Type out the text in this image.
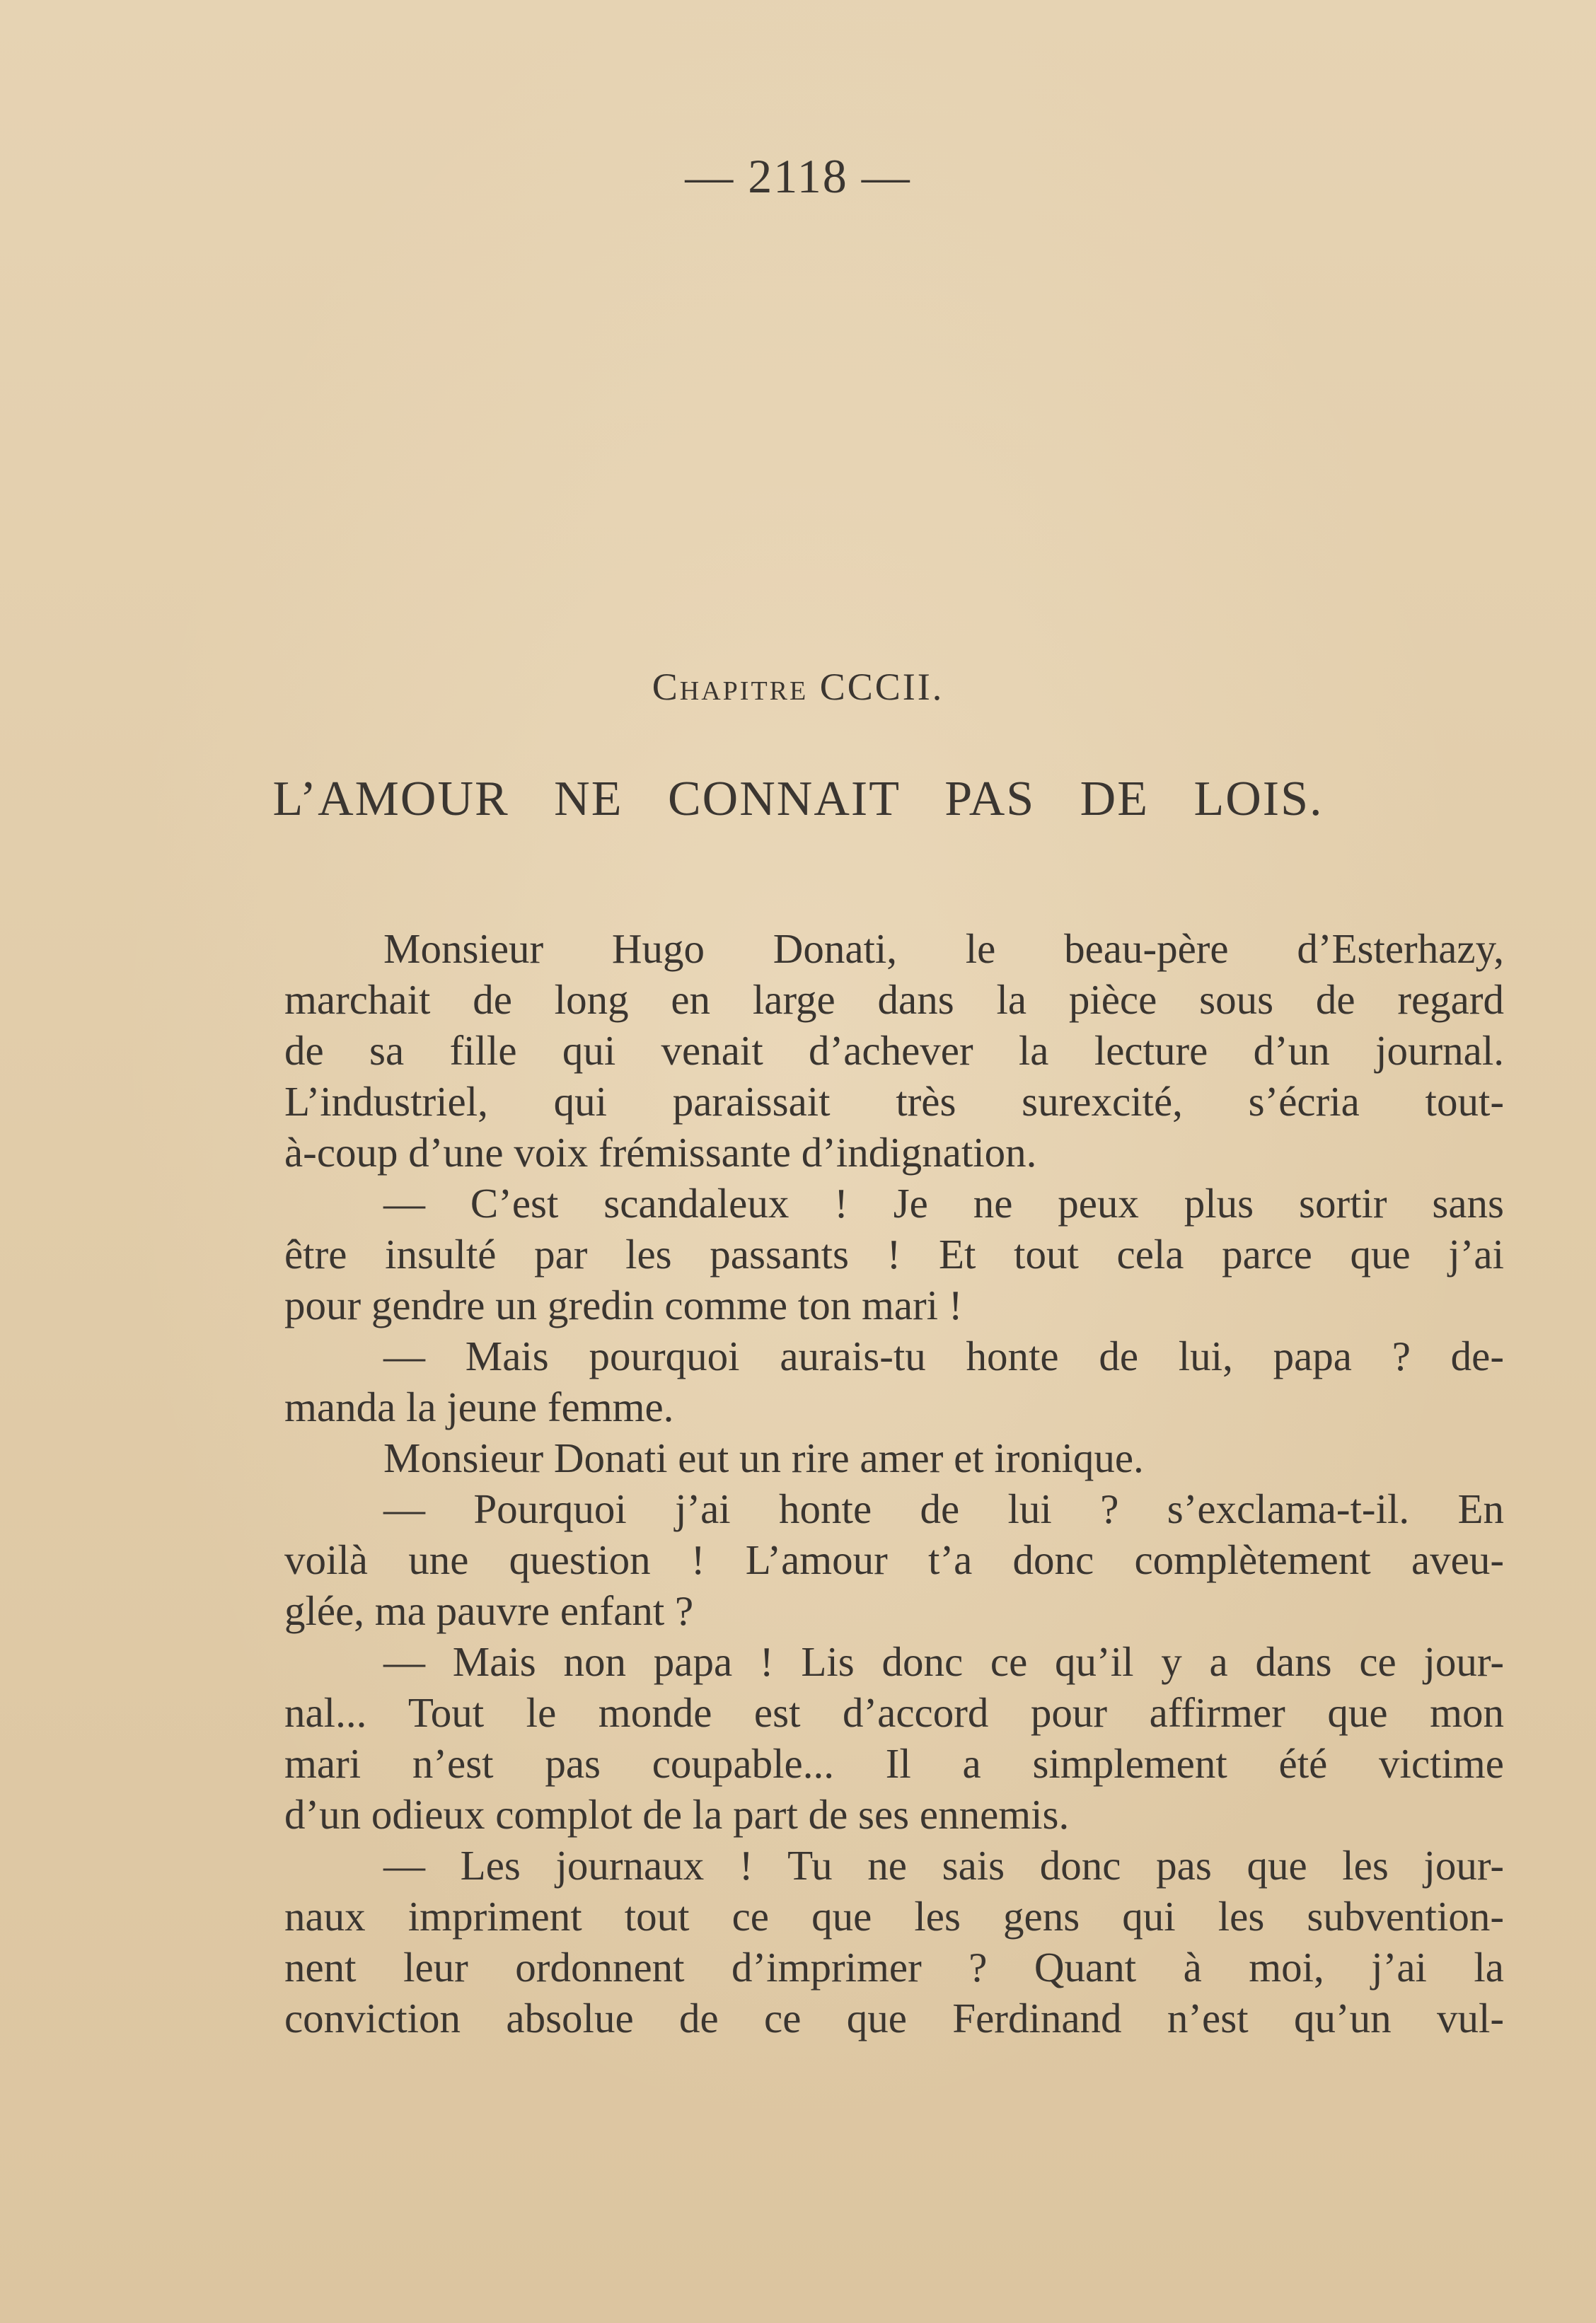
— 2118 —
Chapitre CCCII.
L’AMOUR NE CONNAIT PAS DE LOIS.
Monsieur Hugo Donati, le beau-père d’Esterhazy,
marchait de long en large dans la pièce sous de regard
de sa fille qui venait d’achever la lecture d’un journal.
L’industriel, qui paraissait très surexcité, s’écria tout-
à-coup d’une voix frémissante d’indignation.
— C’est scandaleux ! Je ne peux plus sortir sans
être insulté par les passants ! Et tout cela parce que j’ai
pour gendre un gredin comme ton mari !
— Mais pourquoi aurais-tu honte de lui, papa ? de-
manda la jeune femme.
Monsieur Donati eut un rire amer et ironique.
— Pourquoi j’ai honte de lui ? s’exclama-t-il. En
voilà une question ! L’amour t’a donc complètement aveu-
glée, ma pauvre enfant ?
— Mais non papa ! Lis donc ce qu’il y a dans ce jour-
nal... Tout le monde est d’accord pour affirmer que mon
mari n’est pas coupable... Il a simplement été victime
d’un odieux complot de la part de ses ennemis.
— Les journaux ! Tu ne sais donc pas que les jour-
naux impriment tout ce que les gens qui les subvention-
nent leur ordonnent d’imprimer ? Quant à moi, j’ai la
conviction absolue de ce que Ferdinand n’est qu’un vul-
